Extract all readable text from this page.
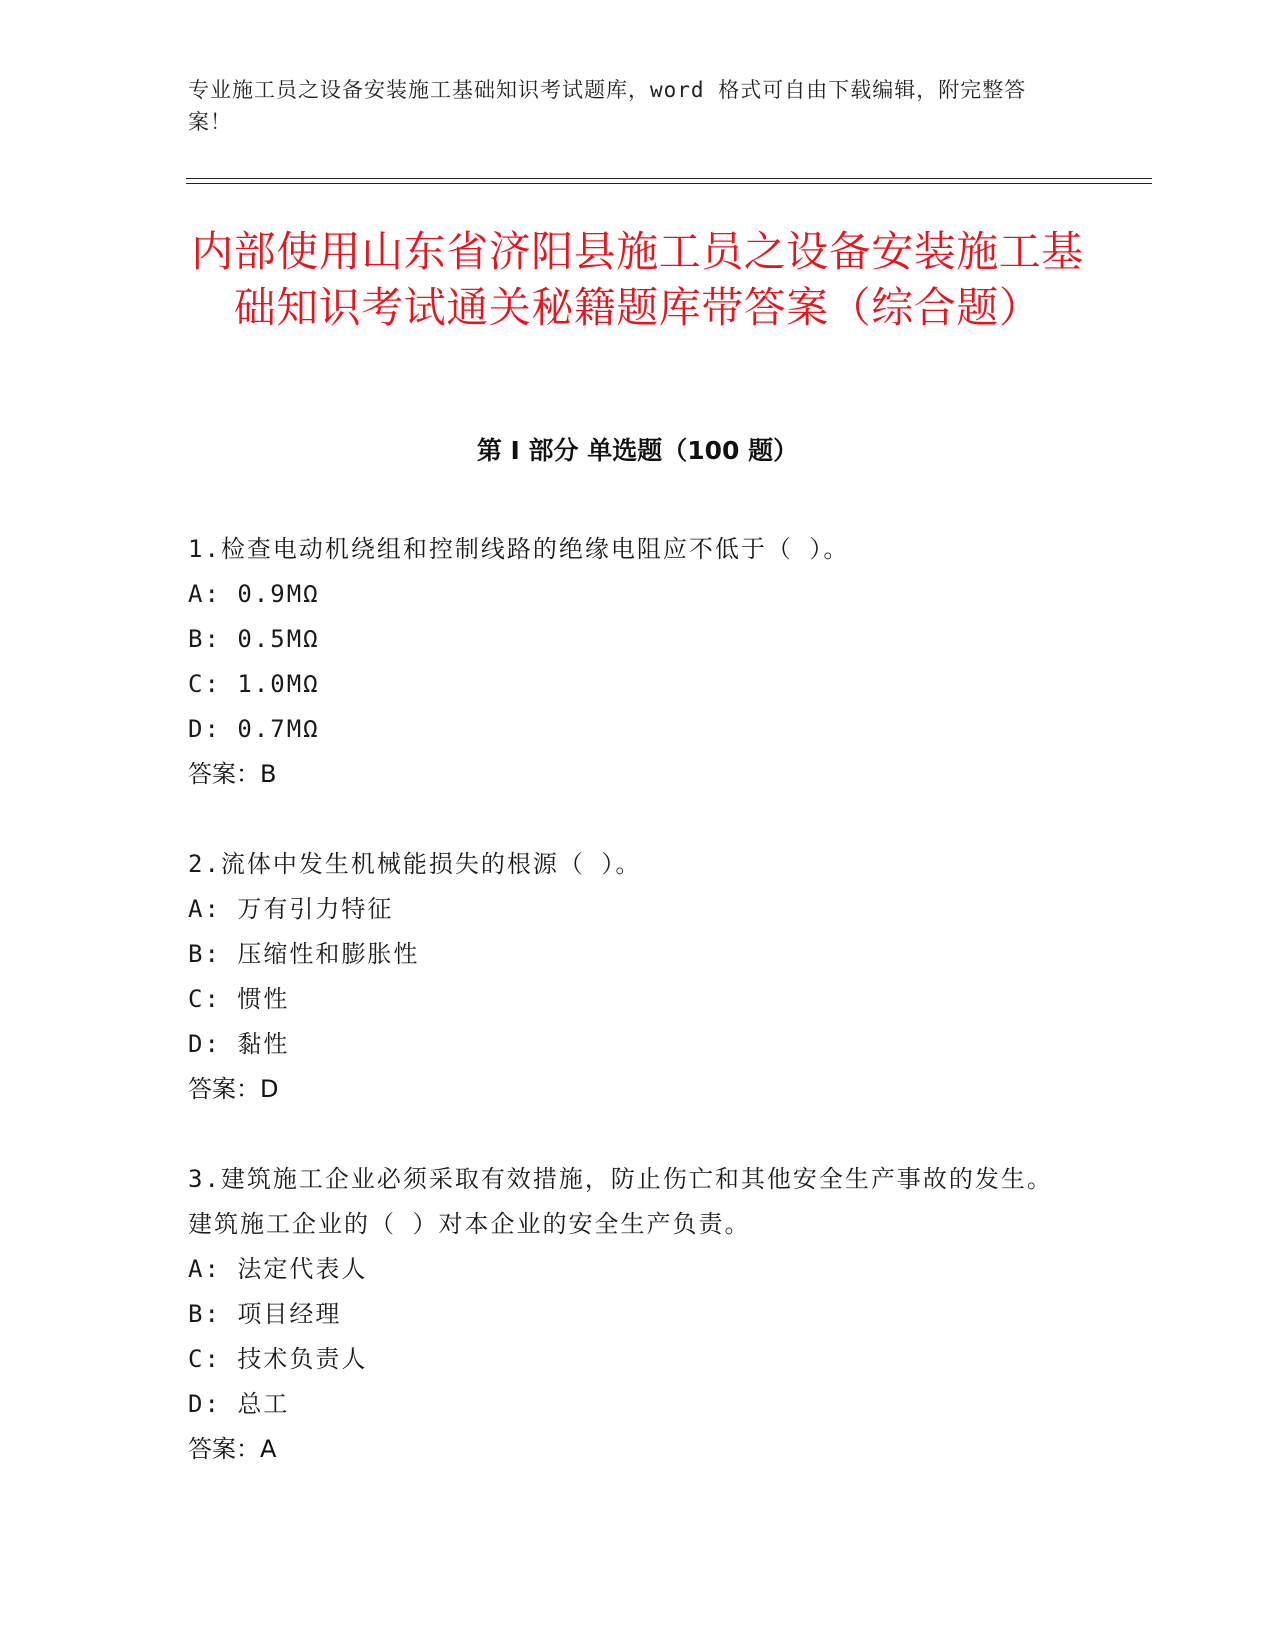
专业施工员之设备安装施工基础知识考试题库，word 格式可自由下载编辑，附完整答案！
内部使用山东省济阳县施工员之设备安装施工基础知识考试通关秘籍题库带答案（综合题）
第 I 部分 单选题（100 题）

1.检查电动机绕组和控制线路的绝缘电阻应不低于（ ）。

A: 0.9MΩ

B: 0.5MΩ

C: 1.0MΩ

D: 0.7MΩ

答案：B

2.流体中发生机械能损失的根源（ ）。

A: 万有引力特征

B: 压缩性和膨胀性

C: 惯性

D: 黏性

答案：D

3.建筑施工企业必须采取有效措施，防止伤亡和其他安全生产事故的发生。建筑施工企业的（ ）对本企业的安全生产负责。

A: 法定代表人

B: 项目经理

C: 技术负责人

D: 总工

答案：A
